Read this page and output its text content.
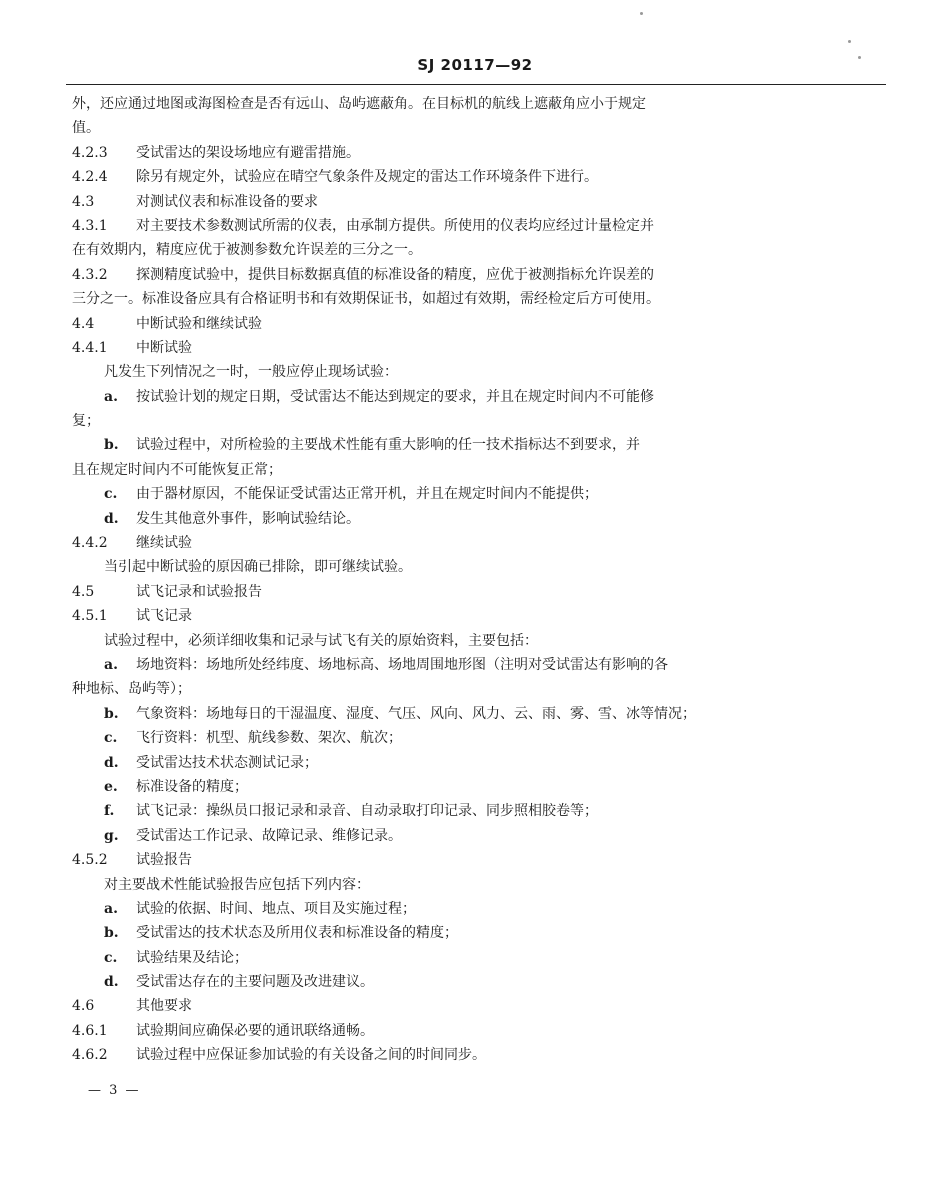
SJ 20117—92
外，还应通过地图或海图检查是否有远山、岛屿遮蔽角。在目标机的航线上遮蔽角应小于规定
值。
4.2.3 受试雷达的架设场地应有避雷措施。
4.2.4 除另有规定外，试验应在晴空气象条件及规定的雷达工作环境条件下进行。
4.3	对测试仪表和标准设备的要求
4.3.1 对主要技术参数测试所需的仪表，由承制方提供。所使用的仪表均应经过计量检定并
在有效期内，精度应优于被测参数允许误差的三分之一。
4.3.2 探测精度试验中，提供目标数据真值的标准设备的精度，应优于被测指标允许误差的
三分之一。标准设备应具有合格证明书和有效期保证书，如超过有效期，需经检定后方可使用。
4.4	中断试验和继续试验
4.4.1 中断试验
凡发生下列情况之一时，一般应停止现场试验：
a. 按试验计划的规定日期，受试雷达不能达到规定的要求，并且在规定时间内不可能修
复；
b. 试验过程中，对所检验的主要战术性能有重大影响的任一技术指标达不到要求，并
且在规定时间内不可能恢复正常；
c. 由于器材原因，不能保证受试雷达正常开机，并且在规定时间内不能提供；
d. 发生其他意外事件，影响试验结论。
4.4.2 继续试验
当引起中断试验的原因确已排除，即可继续试验。
4.5	试飞记录和试验报告
4.5.1 试飞记录
试验过程中，必须详细收集和记录与试飞有关的原始资料，主要包括：
a. 场地资料：场地所处经纬度、场地标高、场地周围地形图（注明对受试雷达有影响的各
种地标、岛屿等）；
b. 气象资料：场地每日的干湿温度、湿度、气压、风向、风力、云、雨、雾、雪、冰等情况；
c. 飞行资料：机型、航线参数、架次、航次；
d. 受试雷达技术状态测试记录；
e. 标准设备的精度；
f. 试飞记录：操纵员口报记录和录音、自动录取打印记录、同步照相胶卷等；
g. 受试雷达工作记录、故障记录、维修记录。
4.5.2 试验报告
对主要战术性能试验报告应包括下列内容：
a. 试验的依据、时间、地点、项目及实施过程；
b. 受试雷达的技术状态及所用仪表和标准设备的精度；
c. 试验结果及结论；
d. 受试雷达存在的主要问题及改进建议。
4.6	其他要求
4.6.1 试验期间应确保必要的通讯联络通畅。
4.6.2 试验过程中应保证参加试验的有关设备之间的时间同步。
— 3 —
